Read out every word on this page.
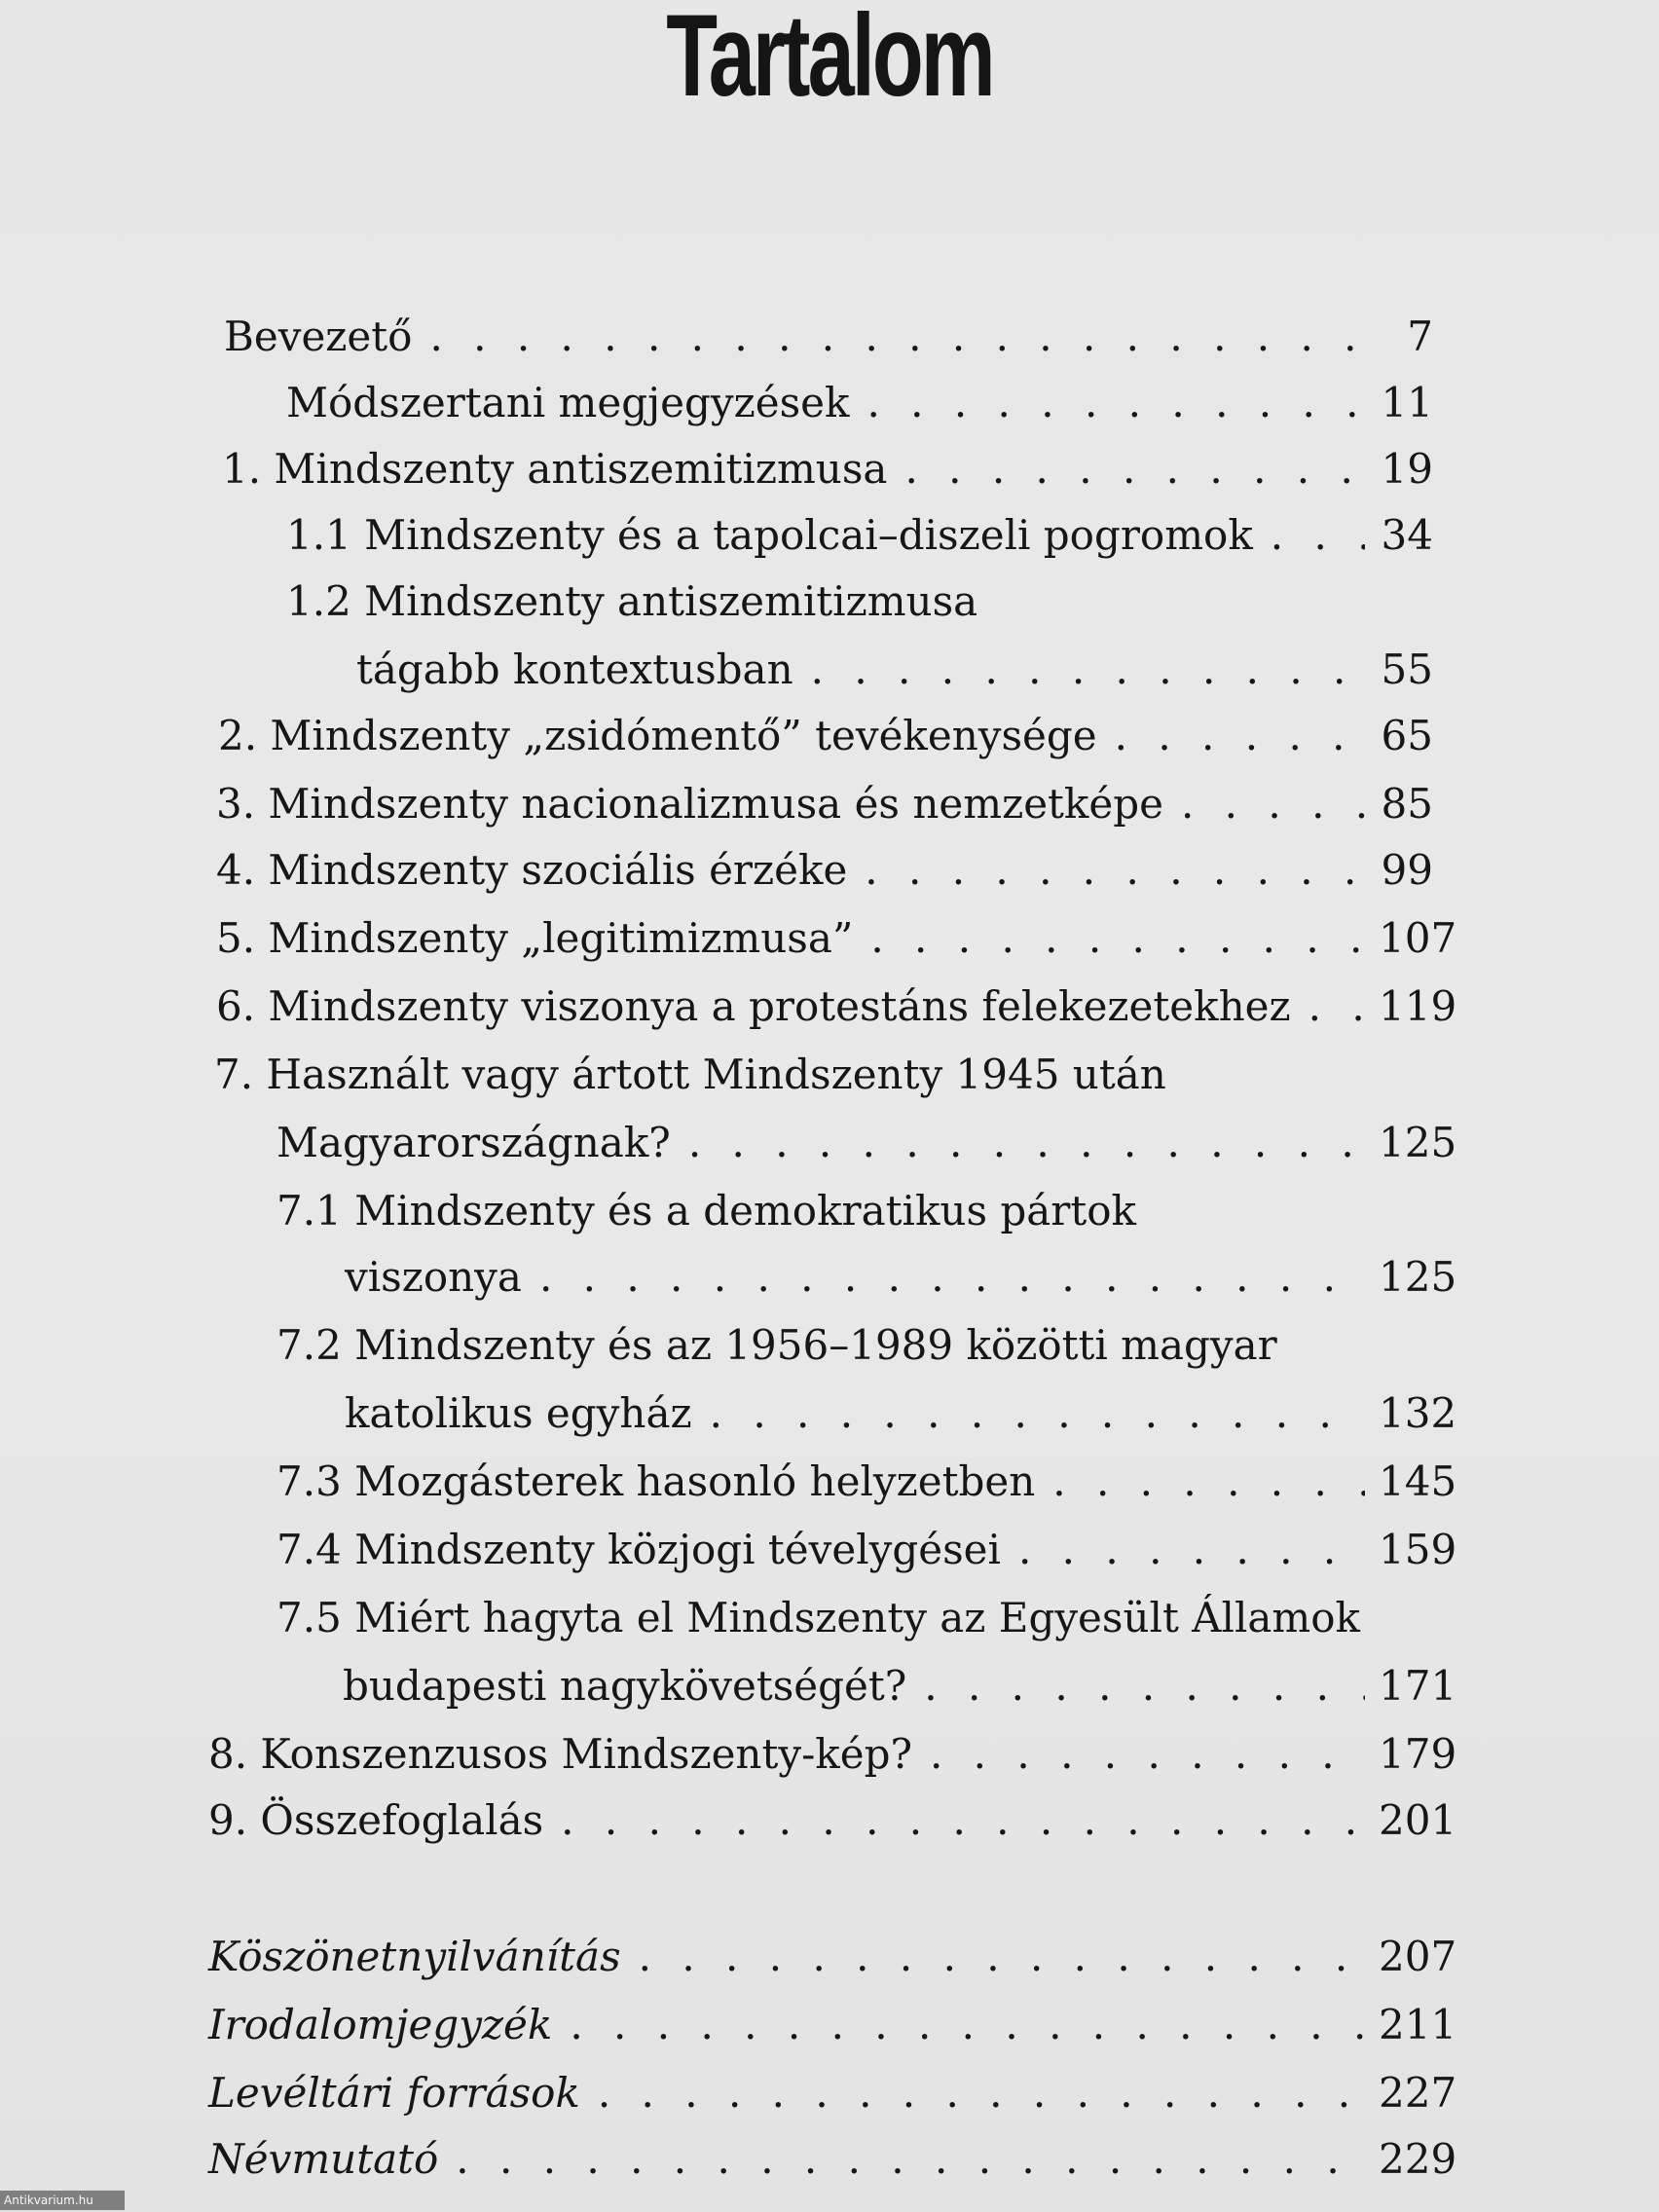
Tartalom
Bevezető . . .	7
Módszertani megjegyzések . . .	11
1. Mindszenty antiszemitizmusa . . .	19
1.1 Mindszenty és a tapolcai–diszeli pogromok . . .	34
1.2 Mindszenty antiszemitizmusa
tágabb kontextusban . . .	55
2. Mindszenty „zsidómentő” tevékenysége . . .	65
3. Mindszenty nacionalizmusa és nemzetképe . . .	85
4. Mindszenty szociális érzéke . . .	99
5. Mindszenty „legitimizmusa” . . .	107
6. Mindszenty viszonya a protestáns felekezetekhez . . . 119
7. Használt vagy ártott Mindszenty 1945 után
Magyarországnak? . . .	125
7.1 Mindszenty és a demokratikus pártok
viszonya . . .	125
7.2 Mindszenty és az 1956–1989 közötti magyar
katolikus egyház . . .	132
7.3 Mozgásterek hasonló helyzetben . . .	145
7.4 Mindszenty közjogi tévelygései . . .	159
7.5 Miért hagyta el Mindszenty az Egyesült Államok
budapesti nagykövetségét? . . .	171
8. Konszenzusos Mindszenty-kép? . . .	179
9. Összefoglalás . . .	201
Köszönetnyilvánítás . . .	207
Irodalomjegyzék . . .	211
Levéltári források . . .	227
Névmutató . . .	229
Antikvarium.hu
